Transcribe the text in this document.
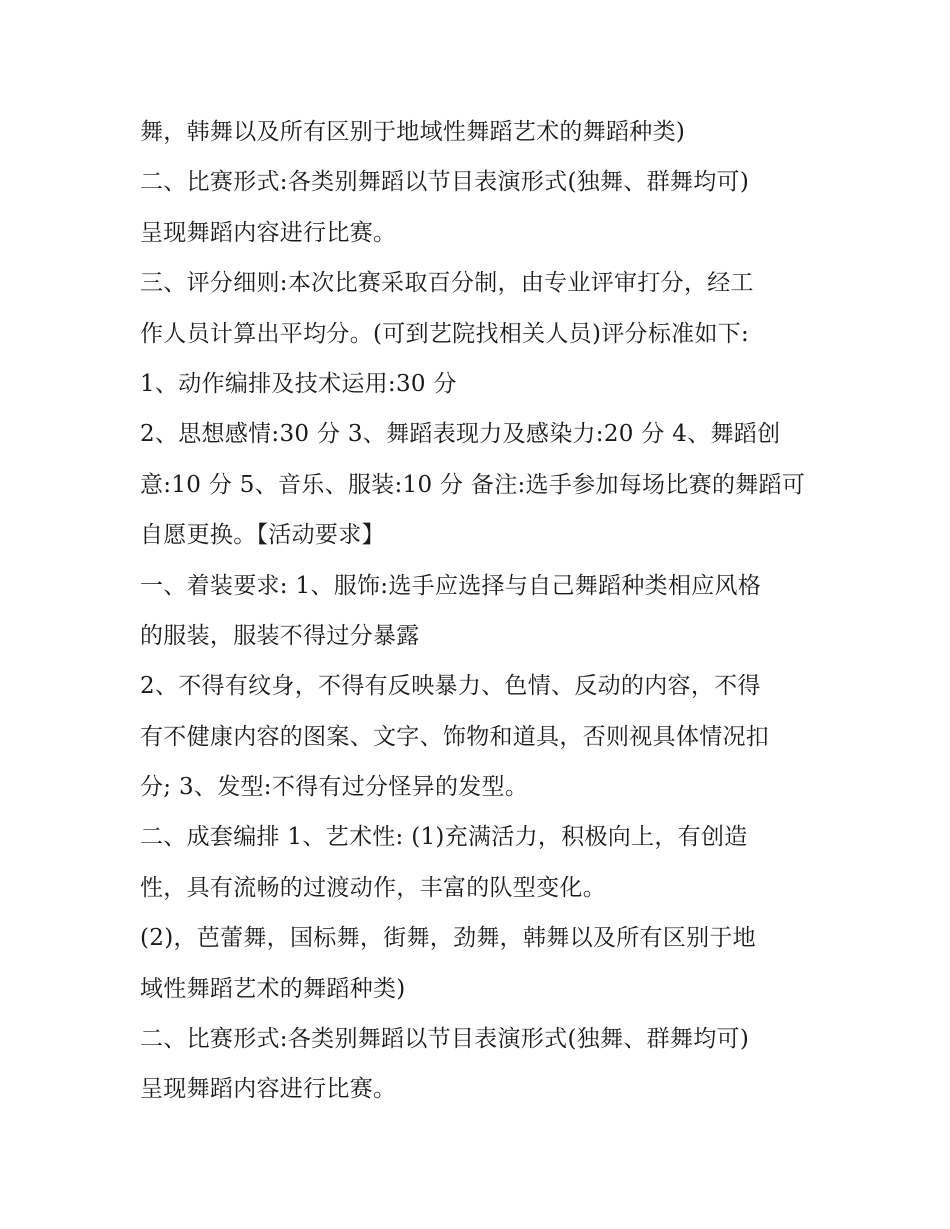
舞，韩舞以及所有区别于地域性舞蹈艺术的舞蹈种类)
二、比赛形式:各类别舞蹈以节目表演形式(独舞、群舞均可)
呈现舞蹈内容进行比赛。
三、评分细则:本次比赛采取百分制，由专业评审打分，经工
作人员计算出平均分。(可到艺院找相关人员)评分标准如下:
1、动作编排及技术运用:30 分
2、思想感情:30 分 3、舞蹈表现力及感染力:20 分 4、舞蹈创
意:10 分 5、音乐、服装:10 分 备注:选手参加每场比赛的舞蹈可
自愿更换。【活动要求】
一、着装要求: 1、服饰:选手应选择与自己舞蹈种类相应风格
的服装，服装不得过分暴露
2、不得有纹身，不得有反映暴力、色情、反动的内容，不得
有不健康内容的图案、文字、饰物和道具，否则视具体情况扣
分; 3、发型:不得有过分怪异的发型。
二、成套编排 1、艺术性: (1)充满活力，积极向上，有创造
性，具有流畅的过渡动作，丰富的队型变化。
(2)，芭蕾舞，国标舞，街舞，劲舞，韩舞以及所有区别于地
域性舞蹈艺术的舞蹈种类)
二、比赛形式:各类别舞蹈以节目表演形式(独舞、群舞均可)
呈现舞蹈内容进行比赛。
